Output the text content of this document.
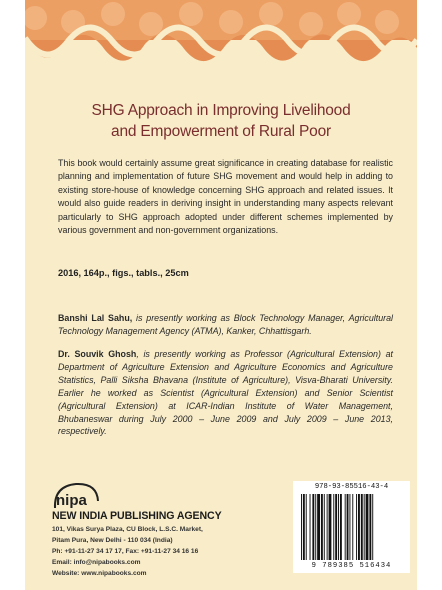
SHG Approach in Improving Livelihood
and Empowerment of Rural Poor
This book would certainly assume great significance in creating database for realistic planning and implementation of future SHG movement and would help in adding to existing store-house of knowledge concerning SHG approach and related issues. It would also guide readers in deriving insight in understanding many aspects relevant particularly to SHG approach adopted under different schemes implemented by various government and non-government organizations.
2016, 164p., figs., tabls., 25cm
Banshi Lal Sahu, is presently working as Block Technology Manager, Agricultural Technology Management Agency (ATMA), Kanker, Chhattisgarh.
Dr. Souvik Ghosh, is presently working as Professor (Agricultural Extension) at Department of Agriculture Extension and Agriculture Economics and Agriculture Statistics, Palli Siksha Bhavana (Institute of Agriculture), Visva-Bharati University. Earlier he worked as Scientist (Agricultural Extension) and Senior Scientist (Agricultural Extension) at ICAR-Indian Institute of Water Management, Bhubaneswar during July 2000 – June 2009 and July 2009 – June 2013, respectively.
nipa
NEW INDIA PUBLISHING AGENCY
101, Vikas Surya Plaza, CU Block, L.S.C. Market,
Pitam Pura, New Delhi - 110 034 (India)
Ph: +91-11-27 34 17 17, Fax: +91-11-27 34 16 16
Email: info@nipabooks.com
Website: www.nipabooks.com
978-93-85516-43-4
9 789385 516434
